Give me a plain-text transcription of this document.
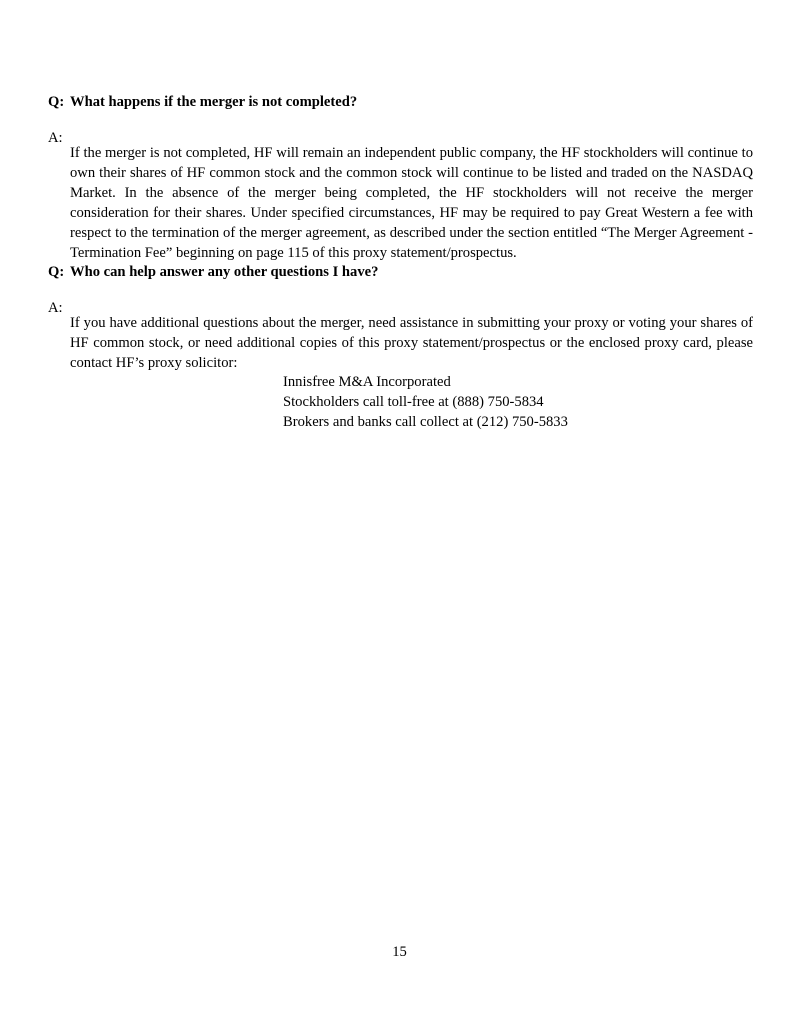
Q: What happens if the merger is not completed?
A:

If the merger is not completed, HF will remain an independent public company, the HF stockholders will continue to own their shares of HF common stock and the common stock will continue to be listed and traded on the NASDAQ Market. In the absence of the merger being completed, the HF stockholders will not receive the merger consideration for their shares. Under specified circumstances, HF may be required to pay Great Western a fee with respect to the termination of the merger agreement, as described under the section entitled “The Merger Agreement - Termination Fee” beginning on page 115 of this proxy statement/prospectus.

Q: Who can help answer any other questions I have?
A:

If you have additional questions about the merger, need assistance in submitting your proxy or voting your shares of HF common stock, or need additional copies of this proxy statement/prospectus or the enclosed proxy card, please contact HF’s proxy solicitor:

Innisfree M&A Incorporated
Stockholders call toll-free at (888) 750-5834
Brokers and banks call collect at (212) 750-5833
15
